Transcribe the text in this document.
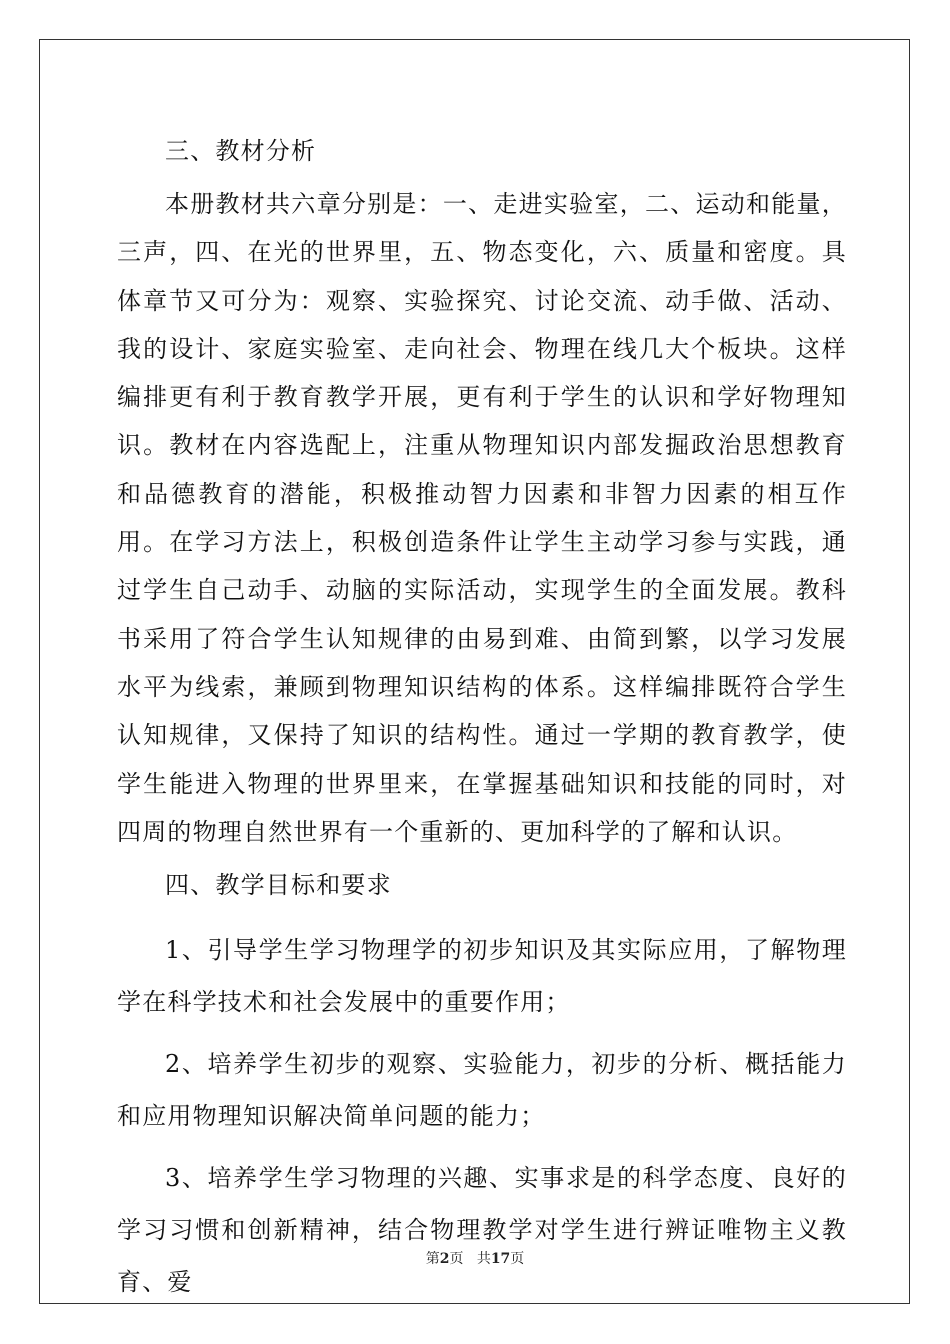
三、教材分析

本册教材共六章分别是：一、走进实验室，二、运动和能量，三声，四、在光的世界里，五、物态变化，六、质量和密度。具体章节又可分为：观察、实验探究、讨论交流、动手做、活动、我的设计、家庭实验室、走向社会、物理在线几大个板块。这样编排更有利于教育教学开展，更有利于学生的认识和学好物理知识。教材在内容选配上，注重从物理知识内部发掘政治思想教育和品德教育的潜能，积极推动智力因素和非智力因素的相互作用。在学习方法上，积极创造条件让学生主动学习参与实践，通过学生自己动手、动脑的实际活动，实现学生的全面发展。教科书采用了符合学生认知规律的由易到难、由简到繁，以学习发展水平为线索，兼顾到物理知识结构的体系。这样编排既符合学生认知规律，又保持了知识的结构性。通过一学期的教育教学，使学生能进入物理的世界里来，在掌握基础知识和技能的同时，对四周的物理自然世界有一个重新的、更加科学的了解和认识。

四、教学目标和要求

1、引导学生学习物理学的初步知识及其实际应用，了解物理学在科学技术和社会发展中的重要作用；

2、培养学生初步的观察、实验能力，初步的分析、概括能力和应用物理知识解决简单问题的能力；

3、培养学生学习物理的兴趣、实事求是的科学态度、良好的学习习惯和创新精神，结合物理教学对学生进行辨证唯物主义教育、爱

第2页 共17页
